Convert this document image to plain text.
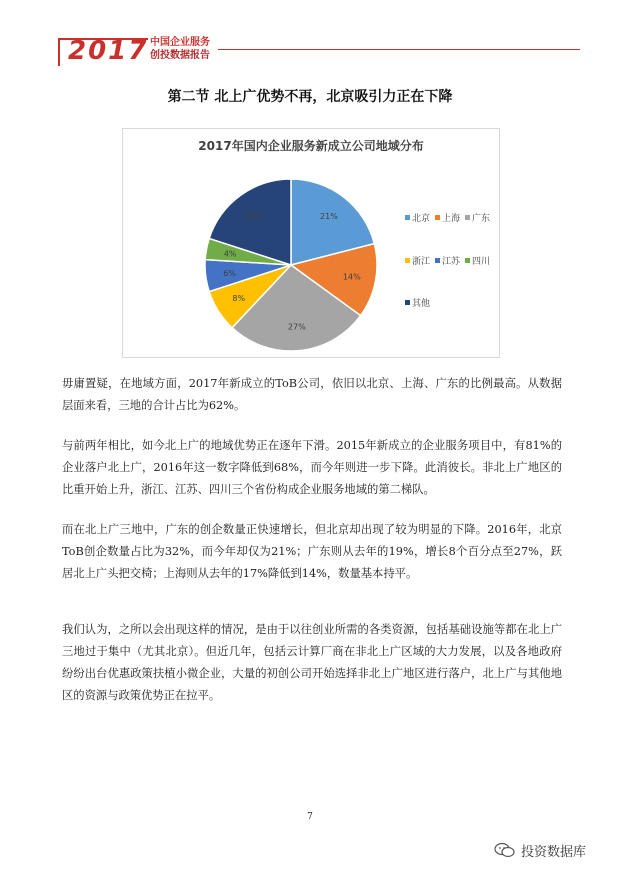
2017 中国企业服务
创投数据报告
第二节 北上广优势不再，北京吸引力正在下降
2017年国内企业服务新成立公司地域分布
21%
14%
27%
8%
6%
4%
20%	北京 上海 广东
浙江 江苏 四川
其他
毋庸置疑，在地域方面，2017年新成立的ToB公司，依旧以北京、上海、广东的比例最高。从数据层面来看，三地的合计占比为62%。
与前两年相比，如今北上广的地域优势正在逐年下滑。2015年新成立的企业服务项目中，有81%的企业落户北上广，2016年这一数字降低到68%，而今年则进一步下降。此消彼长。非北上广地区的比重开始上升，浙江、江苏、四川三个省份构成企业服务地域的第二梯队。
而在北上广三地中，广东的创企数量正快速增长，但北京却出现了较为明显的下降。2016年，北京ToB创企数量占比为32%，而今年却仅为21%；广东则从去年的19%，增长8个百分点至27%，跃居北上广头把交椅；上海则从去年的17%降低到14%，数量基本持平。
我们认为，之所以会出现这样的情况，是由于以往创业所需的各类资源，包括基础设施等都在北上广三地过于集中（尤其北京）。但近几年，包括云计算厂商在非北上广区域的大力发展，以及各地政府纷纷出台优惠政策扶植小微企业，大量的初创公司开始选择非北上广地区进行落户，北上广与其他地区的资源与政策优势正在拉平。
7
投资数据库
